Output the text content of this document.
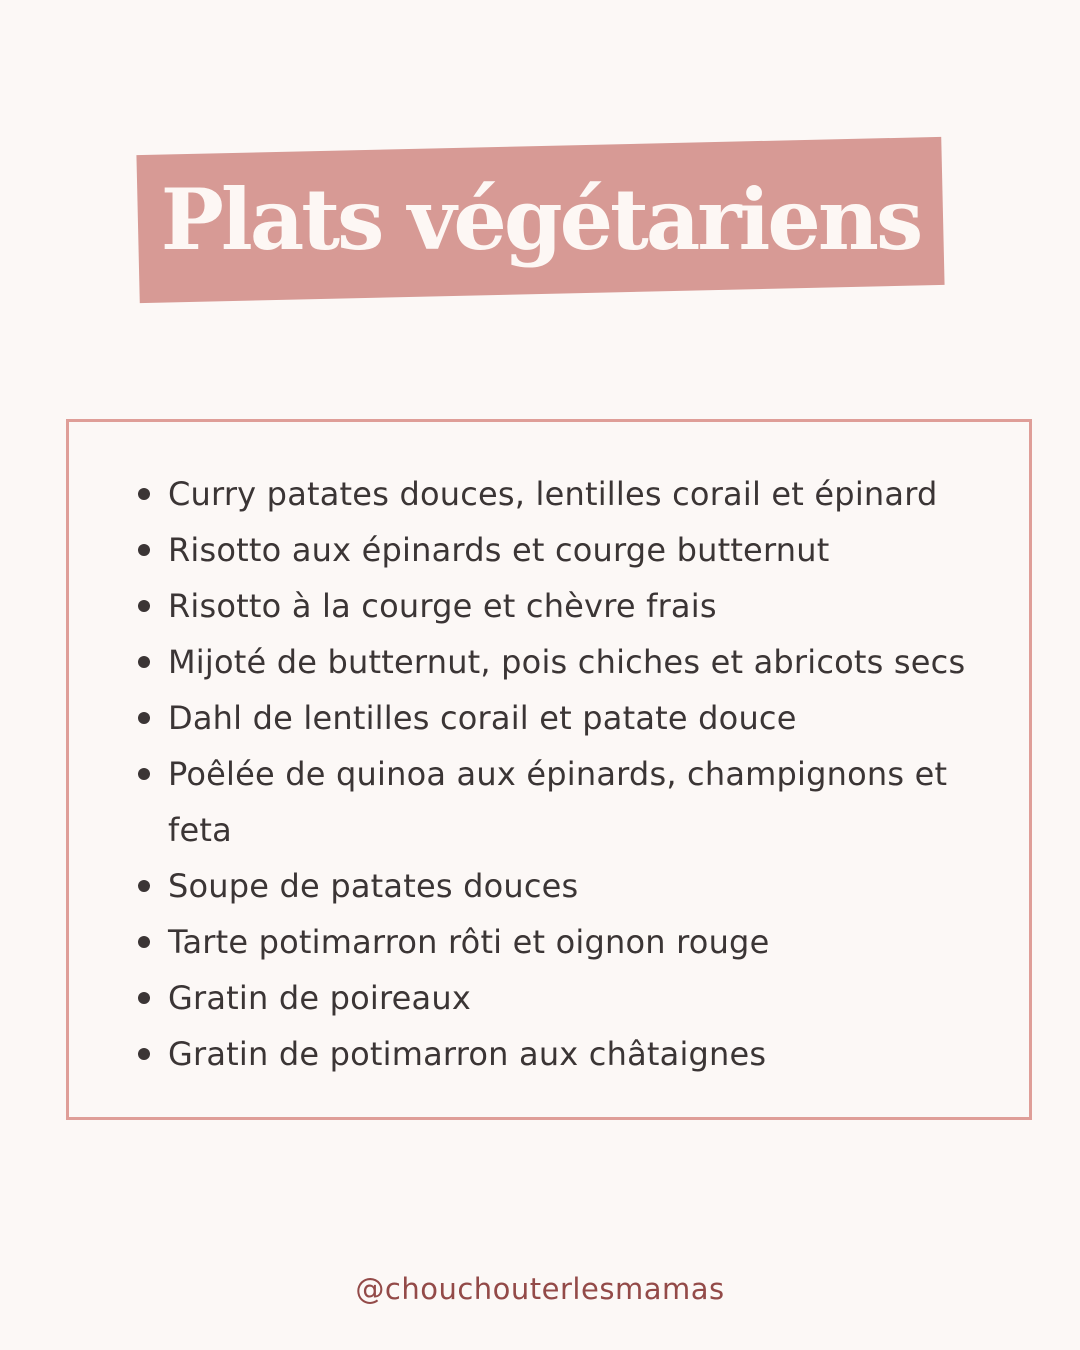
Plats végétariens
Curry patates douces, lentilles corail et épinard
Risotto aux épinards et courge butternut
Risotto à la courge et chèvre frais
Mijoté de butternut, pois chiches et abricots secs
Dahl de lentilles corail et patate douce
Poêlée de quinoa aux épinards, champignons et feta
Soupe de patates douces
Tarte potimarron rôti et oignon rouge
Gratin de poireaux
Gratin de potimarron aux châtaignes
@chouchouterlesmamas
